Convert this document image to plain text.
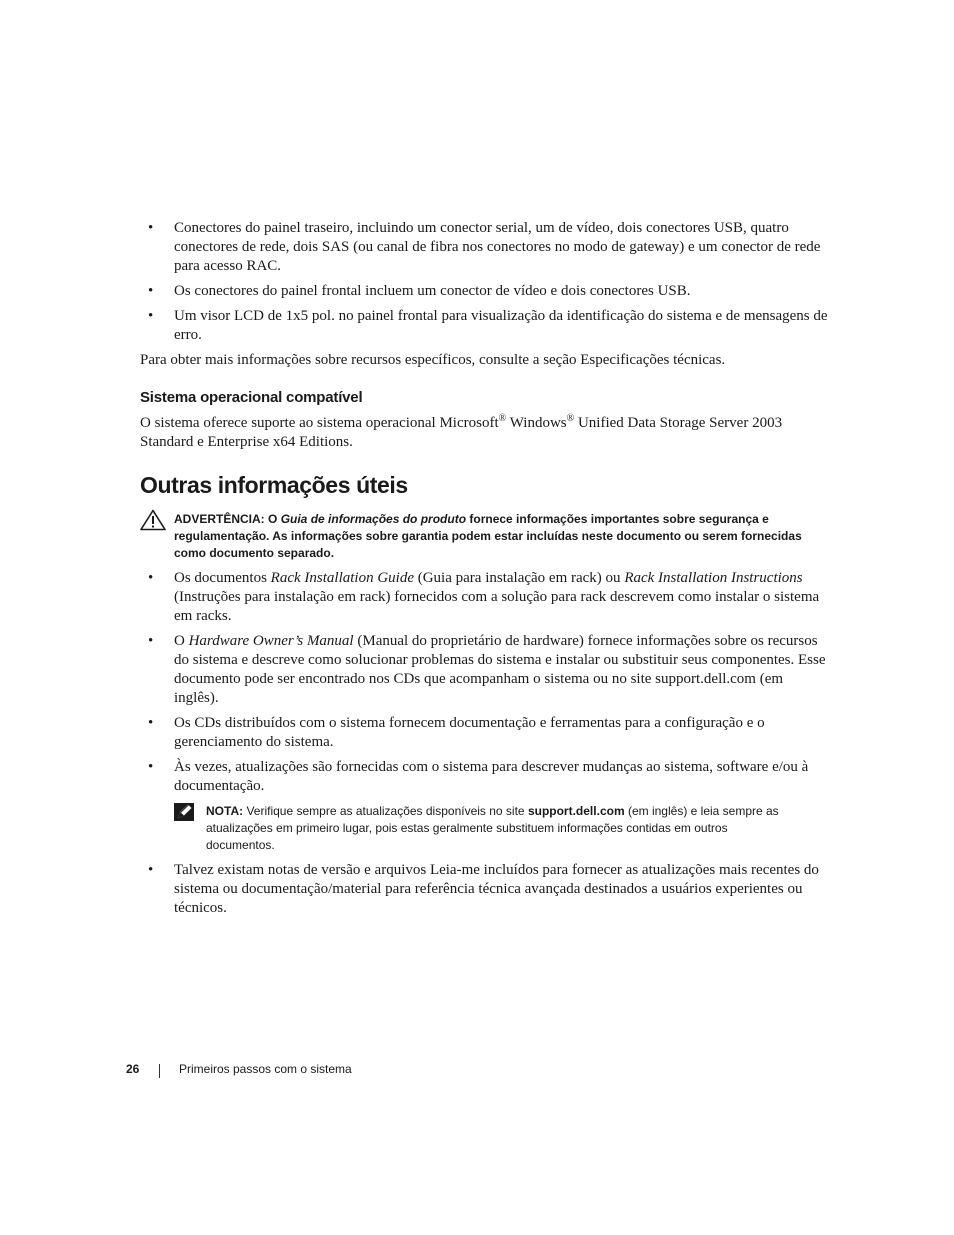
• Conectores do painel traseiro, incluindo um conector serial, um de vídeo, dois conectores USB, quatro conectores de rede, dois SAS (ou canal de fibra nos conectores no modo de gateway) e um conector de rede para acesso RAC.
• Os conectores do painel frontal incluem um conector de vídeo e dois conectores USB.
• Um visor LCD de 1x5 pol. no painel frontal para visualização da identificação do sistema e de mensagens de erro.

Para obter mais informações sobre recursos específicos, consulte a seção Especificações técnicas.

Sistema operacional compatível

O sistema oferece suporte ao sistema operacional Microsoft® Windows® Unified Data Storage Server 2003 Standard e Enterprise x64 Editions.

Outras informações úteis
ADVERTÊNCIA: O Guia de informações do produto fornece informações importantes sobre segurança e regulamentação. As informações sobre garantia podem estar incluídas neste documento ou serem fornecidas como documento separado.
• Os documentos Rack Installation Guide (Guia para instalação em rack) ou Rack Installation Instructions (Instruções para instalação em rack) fornecidos com a solução para rack descrevem como instalar o sistema em racks.
• O Hardware Owner’s Manual (Manual do proprietário de hardware) fornece informações sobre os recursos do sistema e descreve como solucionar problemas do sistema e instalar ou substituir seus componentes. Esse documento pode ser encontrado nos CDs que acompanham o sistema ou no site support.dell.com (em inglês).
• Os CDs distribuídos com o sistema fornecem documentação e ferramentas para a configuração e o gerenciamento do sistema.
• Às vezes, atualizações são fornecidas com o sistema para descrever mudanças ao sistema, software e/ou à documentação.
NOTA: Verifique sempre as atualizações disponíveis no site support.dell.com (em inglês) e leia sempre as atualizações em primeiro lugar, pois estas geralmente substituem informações contidas em outros documentos.
• Talvez existam notas de versão e arquivos Leia-me incluídos para fornecer as atualizações mais recentes do sistema ou documentação/material para referência técnica avançada destinados a usuários experientes ou técnicos.
26	Primeiros passos com o sistema
